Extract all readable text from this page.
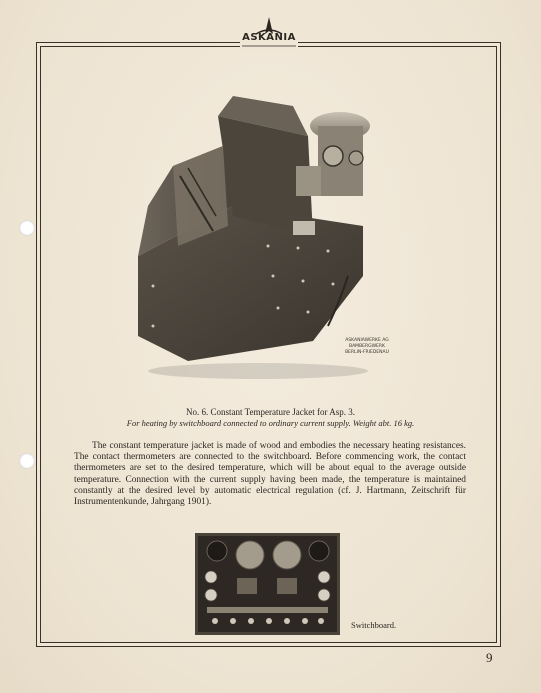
ASKANIA
ASKANIAWERKE AG
BAMBERGWERK
BERLIN-FRIEDENAU
No. 6. Constant Temperature Jacket for Asp. 3.
For heating by switchboard connected to ordinary current supply. Weight abt. 16 kg.
The constant temperature jacket is made of wood and embodies the necessary heating resistances. The contact thermometers are connected to the switchboard. Before commencing work, the contact thermometers are set to the desired temperature, which will be about equal to the average outside temperature. Connection with the current supply having been made, the temperature is maintained constantly at the desired level by automatic electrical regulation (cf. J. Hartmann, Zeitschrift für Instrumentenkunde, Jahrgang 1901).
Switchboard.
9
